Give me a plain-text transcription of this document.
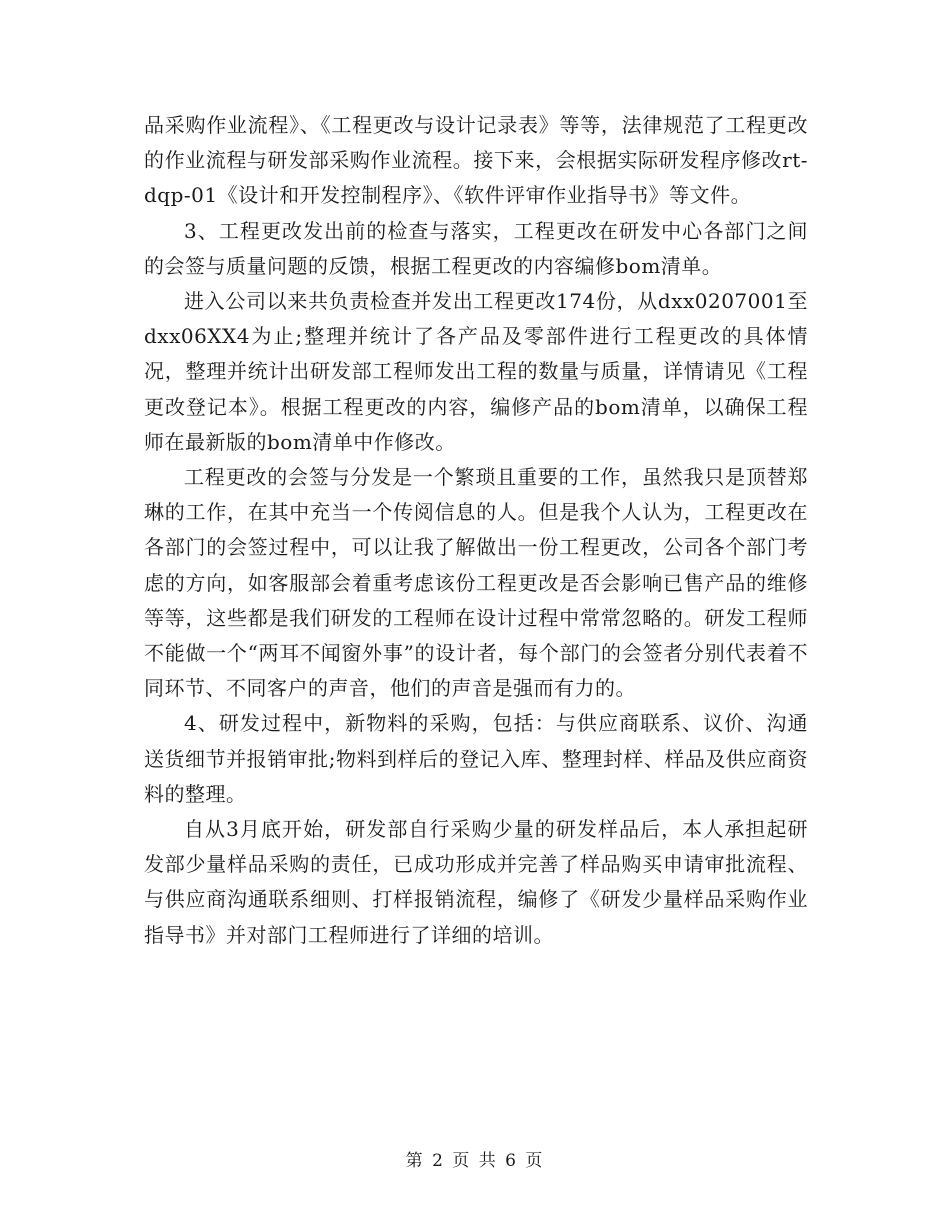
品采购作业流程》、《工程更改与设计记录表》等等，法律规范了工程更改的作业流程与研发部采购作业流程。接下来，会根据实际研发程序修改rt-dqp-01《设计和开发控制程序》、《软件评审作业指导书》等文件。

3、工程更改发出前的检查与落实，工程更改在研发中心各部门之间的会签与质量问题的反馈，根据工程更改的内容编修bom清单。

进入公司以来共负责检查并发出工程更改174份，从dxx0207001至dxx06XX4为止;整理并统计了各产品及零部件进行工程更改的具体情况，整理并统计出研发部工程师发出工程的数量与质量，详情请见《工程更改登记本》。根据工程更改的内容，编修产品的bom清单，以确保工程师在最新版的bom清单中作修改。

工程更改的会签与分发是一个繁琐且重要的工作，虽然我只是顶替郑琳的工作，在其中充当一个传阅信息的人。但是我个人认为，工程更改在各部门的会签过程中，可以让我了解做出一份工程更改，公司各个部门考虑的方向，如客服部会着重考虑该份工程更改是否会影响已售产品的维修等等，这些都是我们研发的工程师在设计过程中常常忽略的。研发工程师不能做一个“两耳不闻窗外事”的设计者，每个部门的会签者分别代表着不同环节、不同客户的声音，他们的声音是强而有力的。

4、研发过程中，新物料的采购，包括：与供应商联系、议价、沟通送货细节并报销审批;物料到样后的登记入库、整理封样、样品及供应商资料的整理。

自从3月底开始，研发部自行采购少量的研发样品后，本人承担起研发部少量样品采购的责任，已成功形成并完善了样品购买申请审批流程、与供应商沟通联系细则、打样报销流程，编修了《研发少量样品采购作业指导书》并对部门工程师进行了详细的培训。

第 2 页 共 6 页
